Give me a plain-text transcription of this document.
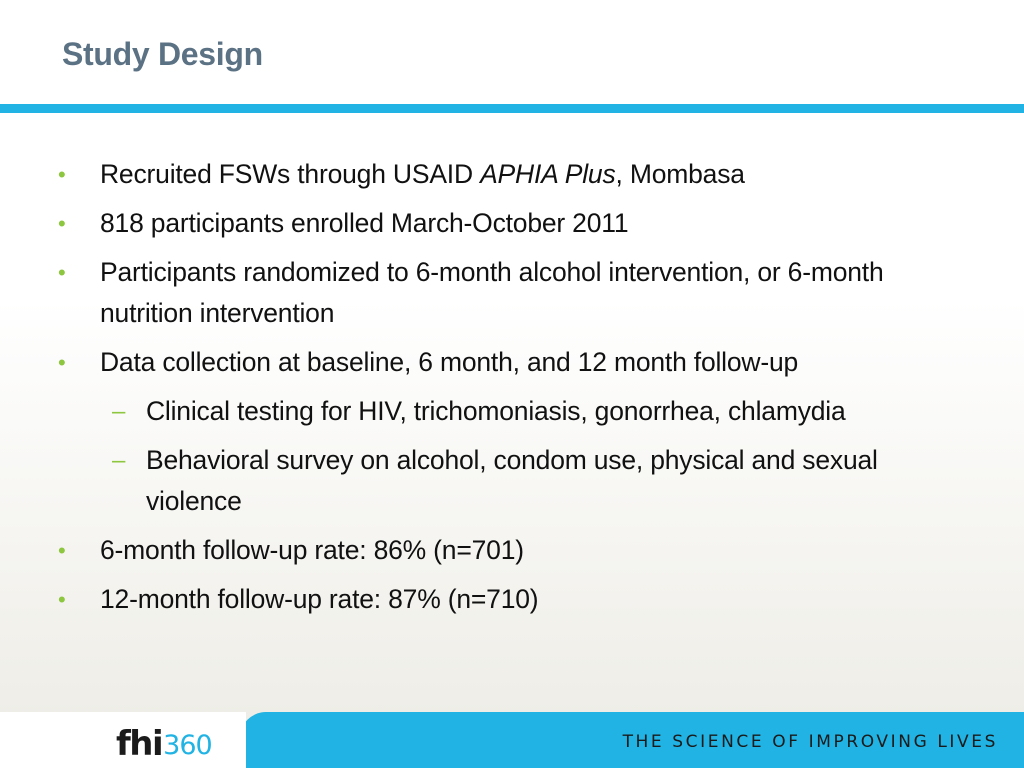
Study Design
• Recruited FSWs through USAID APHIA Plus, Mombasa
• 818 participants enrolled March-October 2011
• Participants randomized to 6-month alcohol intervention, or 6-month nutrition intervention
• Data collection at baseline, 6 month, and 12 month follow-up
– Clinical testing for HIV, trichomoniasis, gonorrhea, chlamydia
– Behavioral survey on alcohol, condom use, physical and sexual violence
• 6-month follow-up rate: 86% (n=701)
• 12-month follow-up rate: 87% (n=710)
THE SCIENCE OF IMPROVING LIVES
fhi 360
